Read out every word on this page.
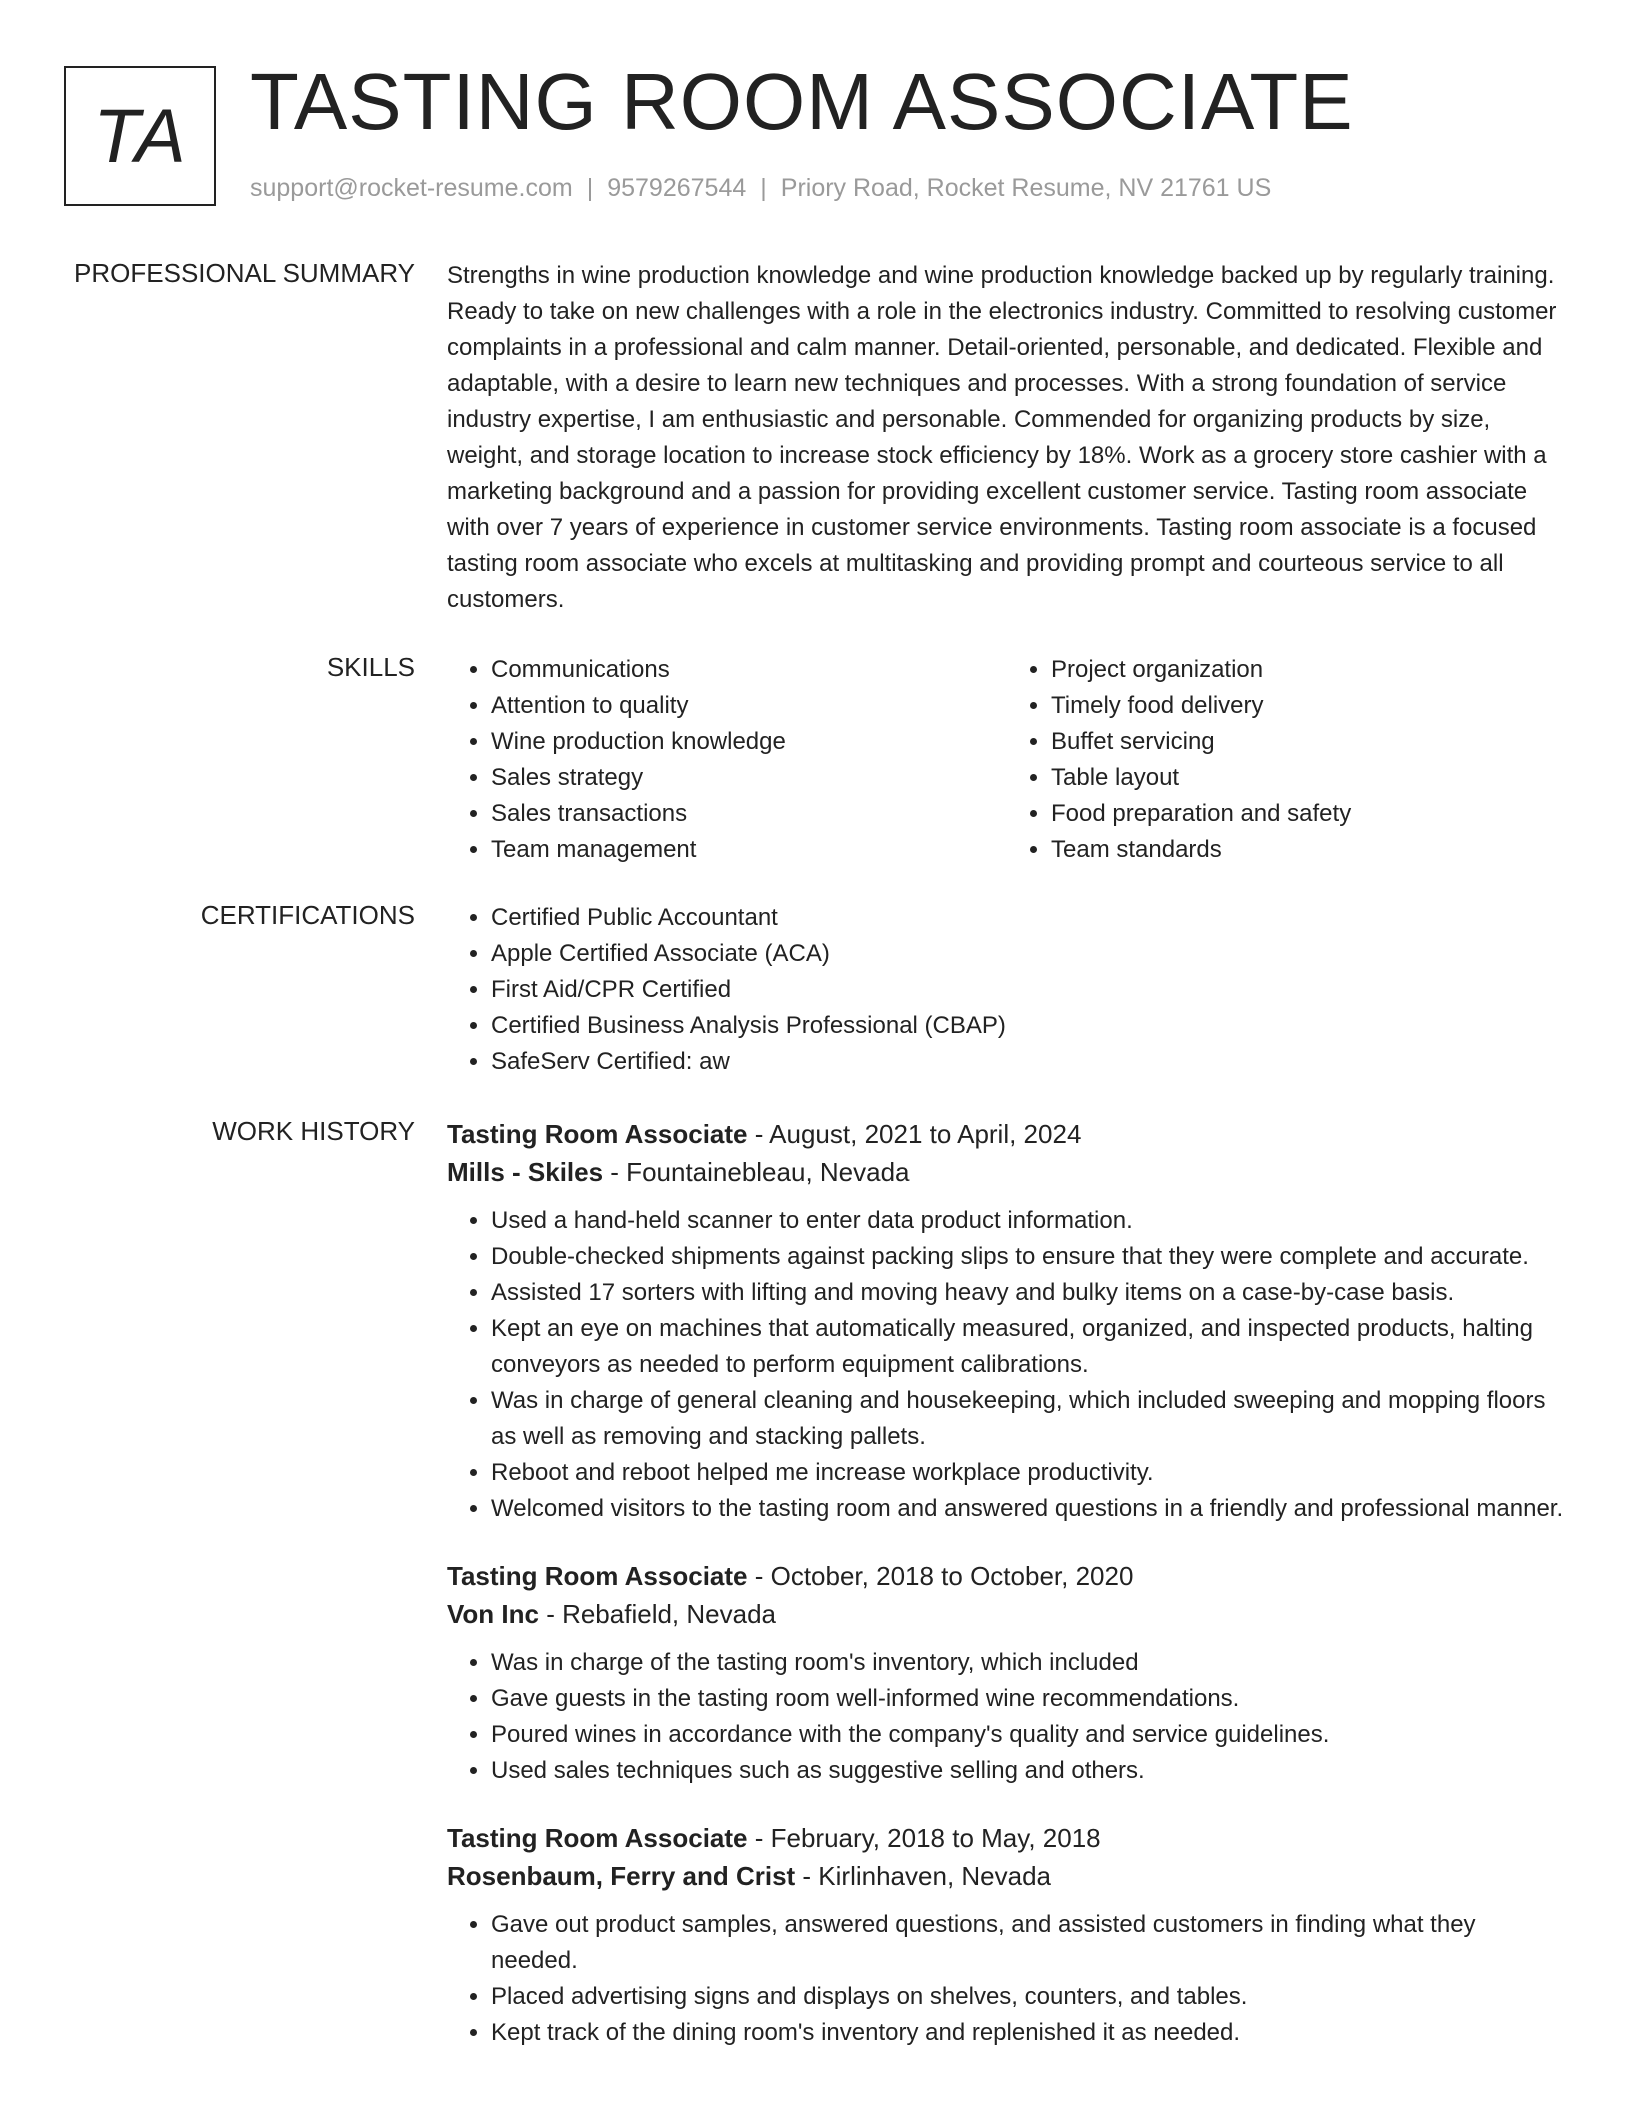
TA TASTING ROOM ASSOCIATE
support@rocket-resume.com | 9579267544 | Priory Road, Rocket Resume, NV 21761 US
PROFESSIONAL SUMMARY Strengths in wine production knowledge and wine production knowledge backed up by regularly training. Ready to take on new challenges with a role in the electronics industry. Committed to resolving customer complaints in a professional and calm manner. Detail-oriented, personable, and dedicated. Flexible and adaptable, with a desire to learn new techniques and processes. With a strong foundation of service industry expertise, I am enthusiastic and personable. Commended for organizing products by size, weight, and storage location to increase stock efficiency by 18%. Work as a grocery store cashier with a marketing background and a passion for providing excellent customer service. Tasting room associate with over 7 years of experience in customer service environments. Tasting room associate is a focused tasting room associate who excels at multitasking and providing prompt and courteous service to all customers.

SKILLS	• Communications
• Attention to quality
• Wine production knowledge
• Sales strategy
• Sales transactions
• Team management
• Project organization
• Timely food delivery
• Buffet servicing
• Table layout
• Food preparation and safety
• Team standards
CERTIFICATIONS	• Certified Public Accountant
• Apple Certified Associate (ACA)
• First Aid/CPR Certified
• Certified Business Analysis Professional (CBAP)
• SafeServ Certified: aw
WORK HISTORY Tasting Room Associate - August, 2021 to April, 2024
Mills - Skiles - Fountainebleau, Nevada
• Used a hand-held scanner to enter data product information.
• Double-checked shipments against packing slips to ensure that they were complete and accurate.
• Assisted 17 sorters with lifting and moving heavy and bulky items on a case-by-case basis.
• Kept an eye on machines that automatically measured, organized, and inspected products, halting conveyors as needed to perform equipment calibrations.
• Was in charge of general cleaning and housekeeping, which included sweeping and mopping floors as well as removing and stacking pallets.
• Reboot and reboot helped me increase workplace productivity.
• Welcomed visitors to the tasting room and answered questions in a friendly and professional manner.
Tasting Room Associate - October, 2018 to October, 2020
Von Inc - Rebafield, Nevada
• Was in charge of the tasting room's inventory, which included
• Gave guests in the tasting room well-informed wine recommendations.
• Poured wines in accordance with the company's quality and service guidelines.
• Used sales techniques such as suggestive selling and others.
Tasting Room Associate - February, 2018 to May, 2018
Rosenbaum, Ferry and Crist - Kirlinhaven, Nevada
• Gave out product samples, answered questions, and assisted customers in finding what they needed.
• Placed advertising signs and displays on shelves, counters, and tables.
• Kept track of the dining room's inventory and replenished it as needed.
